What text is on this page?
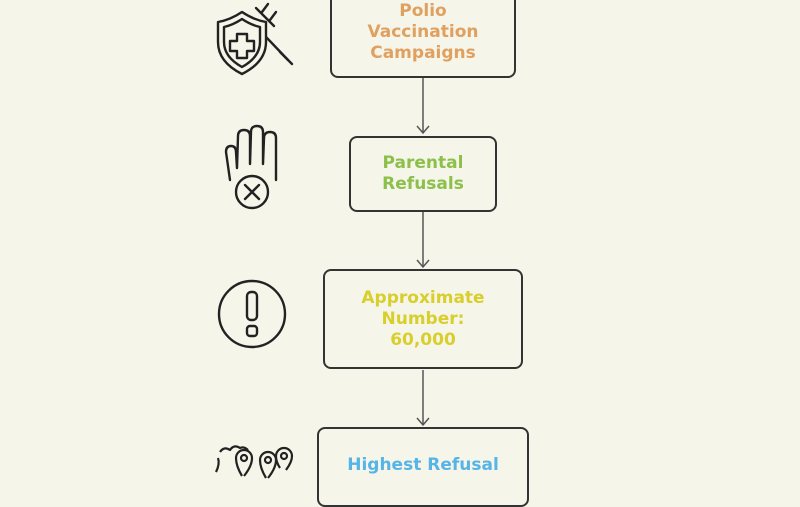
Polio
Vaccination
Campaigns
Parental
Refusals
Approximate
Number:
60,000
Highest Refusal
